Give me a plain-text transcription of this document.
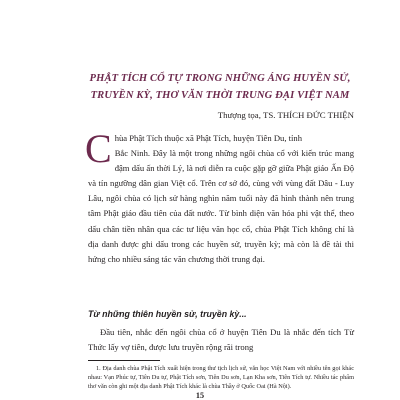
PHẬT TÍCH CỔ TỰ TRONG NHỮNG ÁNG HUYỀN SỬ,
TRUYỀN KỲ, THƠ VĂN THỜI TRUNG ĐẠI VIỆT NAM

Thượng tọa, TS. THÍCH ĐỨC THIỆN

C hùa Phật Tích thuộc xã Phật Tích, huyện Tiên Du, tỉnh
Bắc Ninh. Đây là một trong những ngôi chùa cổ với kiến trúc mang đậm dấu ấn thời Lý, là nơi diễn ra cuộc gặp gỡ giữa Phật giáo Ấn Độ và tín ngưỡng dân gian Việt cổ. Trên cơ sở đó, cùng với vùng đất Dâu - Luy Lâu, ngôi chùa có lịch sử hàng nghìn năm tuổi này đã hình thành nên trung tâm Phật giáo đầu tiên của đất nước. Từ bình diện văn hóa phi vật thể, theo dấu chân tiền nhân qua các tư liệu văn học cổ, chùa Phật Tích không chỉ là địa danh được ghi dấu trong các huyền sử, truyền kỳ; mà còn là đề tài thi hứng cho nhiều sáng tác văn chương thời trung đại.

Từ những thiên huyền sử, truyền kỳ...

Đầu tiên, nhắc đến ngôi chùa cổ ở huyện Tiên Du là nhắc đến tích Từ Thức lấy vợ tiên, được lưu truyền rộng rãi trong

1. Địa danh chùa Phật Tích xuất hiện trong thư tịch lịch sử, văn học Việt Nam với nhiều tên gọi khác nhau: Vạn Phúc tự, Tiên Du tự, Phật Tích sơn, Tiên Du sơn, Lạn Kha sơn, Tiên Tích tự. Nhiều tác phẩm thơ văn còn ghi một địa danh Phật Tích khác là chùa Thầy ở Quốc Oai (Hà Nội).

15
